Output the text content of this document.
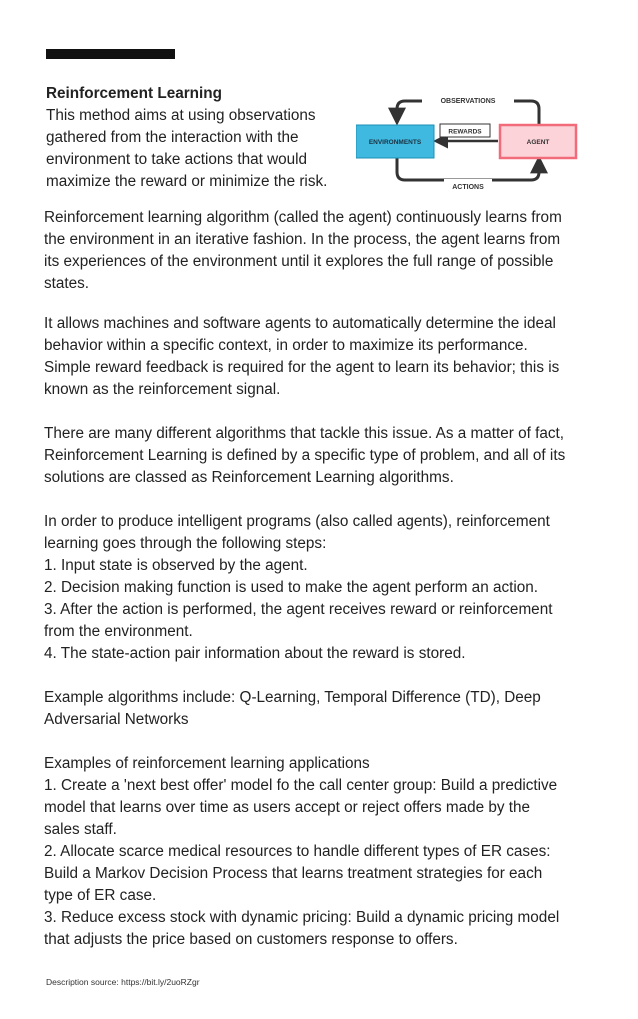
Reinforcement Learning
This method aims at using observations gathered from the interaction with the environment to take actions that would maximize the reward or minimize the risk.
OBSERVATIONS
ENVIRONMENTS
REWARDS
AGENT
ACTIONS
Reinforcement learning algorithm (called the agent) continuously learns from
the environment in an iterative fashion. In the process, the agent learns from
its experiences of the environment until it explores the full range of possible
states.
It allows machines and software agents to automatically determine the ideal
behavior within a specific context, in order to maximize its performance.
Simple reward feedback is required for the agent to learn its behavior; this is
known as the reinforcement signal.
There are many different algorithms that tackle this issue. As a matter of fact,
Reinforcement Learning is defined by a specific type of problem, and all of its
solutions are classed as Reinforcement Learning algorithms.
In order to produce intelligent programs (also called agents), reinforcement
learning goes through the following steps:
1. Input state is observed by the agent.
2. Decision making function is used to make the agent perform an action.
3. After the action is performed, the agent receives reward or reinforcement
from the environment.
4. The state-action pair information about the reward is stored.
Example algorithms include: Q-Learning, Temporal Difference (TD), Deep
Adversarial Networks
Examples of reinforcement learning applications
1. Create a 'next best offer' model fo the call center group: Build a predictive
model that learns over time as users accept or reject offers made by the
sales staff.
2. Allocate scarce medical resources to handle different types of ER cases:
Build a Markov Decision Process that learns treatment strategies for each
type of ER case.
3. Reduce excess stock with dynamic pricing: Build a dynamic pricing model
that adjusts the price based on customers response to offers.
Description source: https://bit.ly/2uoRZgr
